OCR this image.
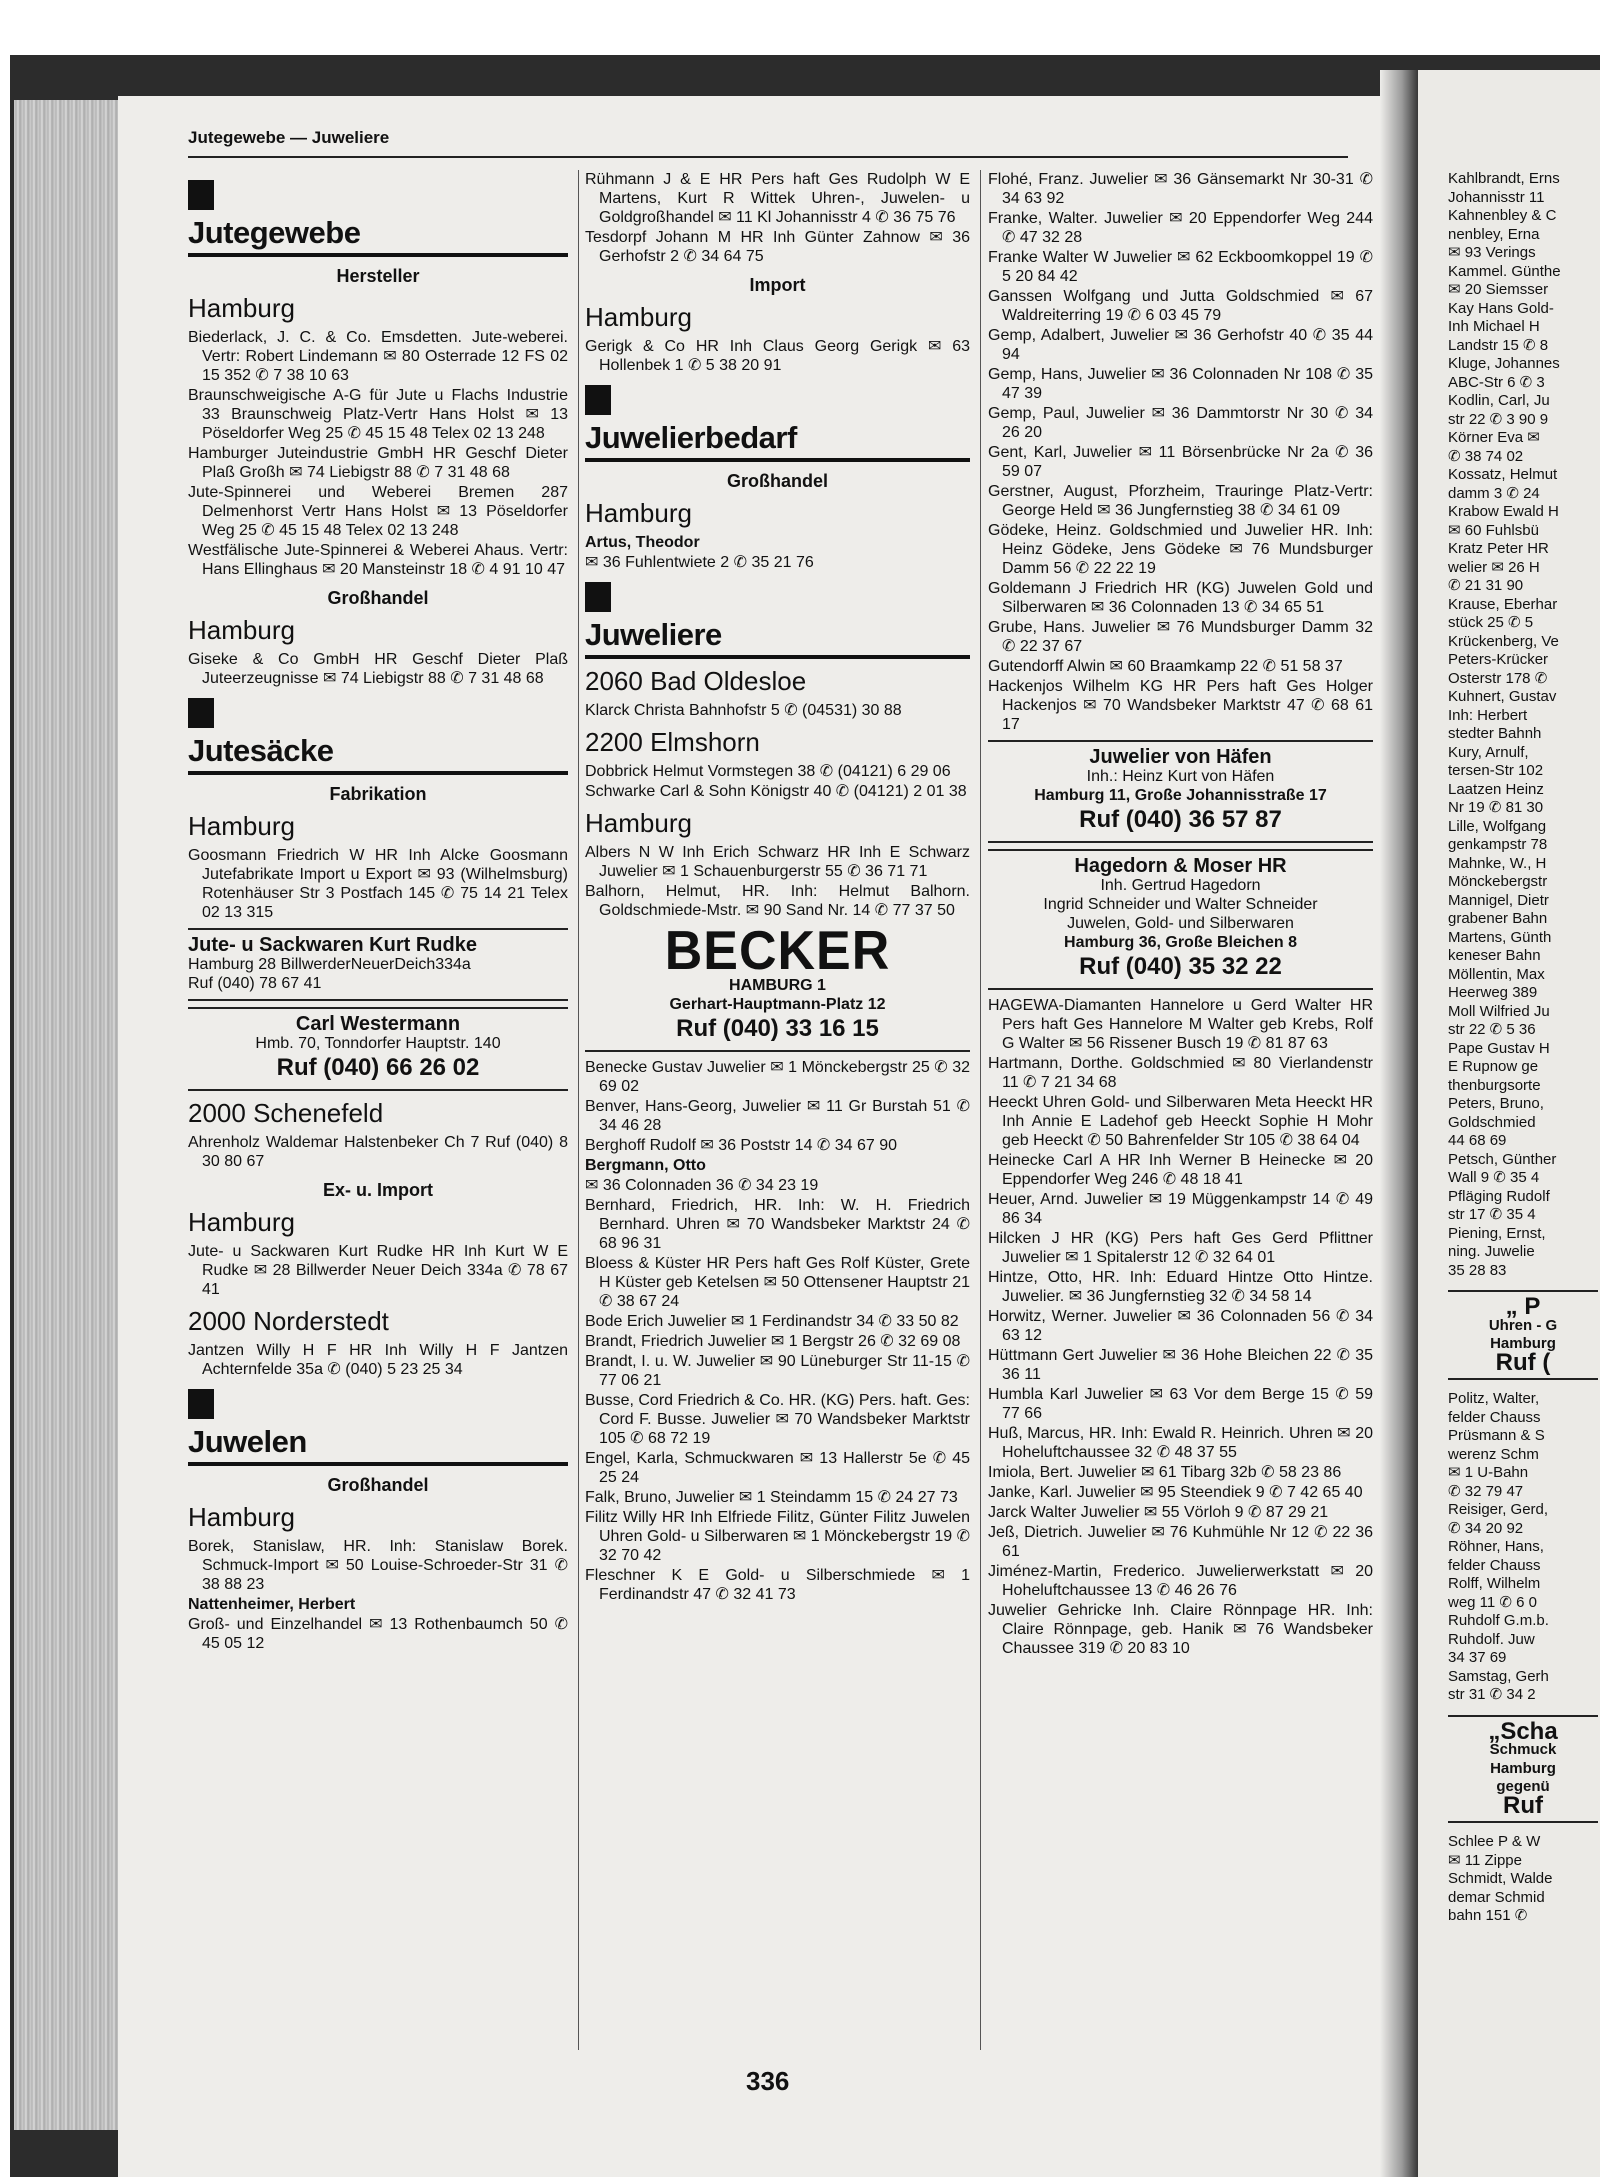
Jutegewebe — Juweliere
Jutegewebe
Hersteller
Hamburg
Biederlack, J. C. & Co. Emsdetten. Jute-weberei. Vertr: Robert Lindemann ✉ 80 Osterrade 12 FS 02 15 352 ✆ 7 38 10 63
Braunschweigische A-G für Jute u Flachs Industrie 33 Braunschweig Platz-Vertr Hans Holst ✉ 13 Pöseldorfer Weg 25 ✆ 45 15 48 Telex 02 13 248
Hamburger Juteindustrie GmbH HR Geschf Dieter Plaß Großh ✉ 74 Liebigstr 88 ✆ 7 31 48 68
Jute-Spinnerei und Weberei Bremen 287 Delmenhorst Vertr Hans Holst ✉ 13 Pöseldorfer Weg 25 ✆ 45 15 48 Telex 02 13 248
Westfälische Jute-Spinnerei & Weberei Ahaus. Vertr: Hans Ellinghaus ✉ 20 Mansteinstr 18 ✆ 4 91 10 47
Großhandel
Hamburg
Giseke & Co GmbH HR Geschf Dieter Plaß Juteerzeugnisse ✉ 74 Liebigstr 88 ✆ 7 31 48 68
Jutesäcke
Fabrikation
Hamburg
Goosmann Friedrich W HR Inh Alcke Goosmann Jutefabrikate Import u Export ✉ 93 (Wilhelmsburg) Rotenhäuser Str 3 Postfach 145 ✆ 75 14 21 Telex 02 13 315
Jute- u Sackwaren Kurt Rudke
Hamburg 28 BillwerderNeuerDeich334a
Ruf (040) 78 67 41
Carl Westermann
Hmb. 70, Tonndorfer Hauptstr. 140
Ruf (040) 66 26 02
2000 Schenefeld
Ahrenholz Waldemar Halstenbeker Ch 7 Ruf (040) 8 30 80 67
Ex- u. Import
Hamburg
Jute- u Sackwaren Kurt Rudke HR Inh Kurt W E Rudke ✉ 28 Billwerder Neuer Deich 334a ✆ 78 67 41
2000 Norderstedt
Jantzen Willy H F HR Inh Willy H F Jantzen Achternfelde 35a ✆ (040) 5 23 25 34
Juwelen
Großhandel
Hamburg
Borek, Stanislaw, HR. Inh: Stanislaw Borek. Schmuck-Import ✉ 50 Louise-Schroeder-Str 31 ✆ 38 88 23
Nattenheimer, Herbert
Groß- und Einzelhandel ✉ 13 Rothenbaumch 50 ✆ 45 05 12
Rühmann J & E HR Pers haft Ges Rudolph W E Martens, Kurt R Wittek Uhren-, Juwelen- u Goldgroßhandel ✉ 11 Kl Johannisstr 4 ✆ 36 75 76
Tesdorpf Johann M HR Inh Günter Zahnow ✉ 36 Gerhofstr 2 ✆ 34 64 75
Import
Hamburg
Gerigk & Co HR Inh Claus Georg Gerigk ✉ 63 Hollenbek 1 ✆ 5 38 20 91
Juwelierbedarf
Großhandel
Hamburg
Artus, Theodor
✉ 36 Fuhlentwiete 2 ✆ 35 21 76
Juweliere
2060 Bad Oldesloe
Klarck Christa Bahnhofstr 5 ✆ (04531) 30 88
2200 Elmshorn
Dobbrick Helmut Vormstegen 38 ✆ (04121) 6 29 06
Schwarke Carl & Sohn Königstr 40 ✆ (04121) 2 01 38
Hamburg
Albers N W Inh Erich Schwarz HR Inh E Schwarz Juwelier ✉ 1 Schauenburgerstr 55 ✆ 36 71 71
Balhorn, Helmut, HR. Inh: Helmut Balhorn. Goldschmiede-Mstr. ✉ 90 Sand Nr. 14 ✆ 77 37 50
BECKER
HAMBURG 1
Gerhart-Hauptmann-Platz 12
Ruf (040) 33 16 15
Benecke Gustav Juwelier ✉ 1 Mönckebergstr 25 ✆ 32 69 02
Benver, Hans-Georg, Juwelier ✉ 11 Gr Burstah 51 ✆ 34 46 28
Berghoff Rudolf ✉ 36 Poststr 14 ✆ 34 67 90
Bergmann, Otto
✉ 36 Colonnaden 36 ✆ 34 23 19
Bernhard, Friedrich, HR. Inh: W. H. Friedrich Bernhard. Uhren ✉ 70 Wandsbeker Marktstr 24 ✆ 68 96 31
Bloess & Küster HR Pers haft Ges Rolf Küster, Grete H Küster geb Ketelsen ✉ 50 Ottensener Hauptstr 21 ✆ 38 67 24
Bode Erich Juwelier ✉ 1 Ferdinandstr 34 ✆ 33 50 82
Brandt, Friedrich Juwelier ✉ 1 Bergstr 26 ✆ 32 69 08
Brandt, I. u. W. Juwelier ✉ 90 Lüneburger Str 11-15 ✆ 77 06 21
Busse, Cord Friedrich & Co. HR. (KG) Pers. haft. Ges: Cord F. Busse. Juwelier ✉ 70 Wandsbeker Marktstr 105 ✆ 68 72 19
Engel, Karla, Schmuckwaren ✉ 13 Hallerstr 5e ✆ 45 25 24
Falk, Bruno, Juwelier ✉ 1 Steindamm 15 ✆ 24 27 73
Filitz Willy HR Inh Elfriede Filitz, Günter Filitz Juwelen Uhren Gold- u Silberwaren ✉ 1 Mönckebergstr 19 ✆ 32 70 42
Fleschner K E Gold- u Silberschmiede ✉ 1 Ferdinandstr 47 ✆ 32 41 73
Flohé, Franz. Juwelier ✉ 36 Gänsemarkt Nr 30-31 ✆ 34 63 92
Franke, Walter. Juwelier ✉ 20 Eppendorfer Weg 244 ✆ 47 32 28
Franke Walter W Juwelier ✉ 62 Eckboomkoppel 19 ✆ 5 20 84 42
Ganssen Wolfgang und Jutta Goldschmied ✉ 67 Waldreiterring 19 ✆ 6 03 45 79
Gemp, Adalbert, Juwelier ✉ 36 Gerhofstr 40 ✆ 35 44 94
Gemp, Hans, Juwelier ✉ 36 Colonnaden Nr 108 ✆ 35 47 39
Gemp, Paul, Juwelier ✉ 36 Dammtorstr Nr 30 ✆ 34 26 20
Gent, Karl, Juwelier ✉ 11 Börsenbrücke Nr 2a ✆ 36 59 07
Gerstner, August, Pforzheim, Trauringe Platz-Vertr: George Held ✉ 36 Jungfernstieg 38 ✆ 34 61 09
Gödeke, Heinz. Goldschmied und Juwelier HR. Inh: Heinz Gödeke, Jens Gödeke ✉ 76 Mundsburger Damm 56 ✆ 22 22 19
Goldemann J Friedrich HR (KG) Juwelen Gold und Silberwaren ✉ 36 Colonnaden 13 ✆ 34 65 51
Grube, Hans. Juwelier ✉ 76 Mundsburger Damm 32 ✆ 22 37 67
Gutendorff Alwin ✉ 60 Braamkamp 22 ✆ 51 58 37
Hackenjos Wilhelm KG HR Pers haft Ges Holger Hackenjos ✉ 70 Wandsbeker Marktstr 47 ✆ 68 61 17
Juwelier von Häfen
Inh.: Heinz Kurt von Häfen
Hamburg 11, Große Johannisstraße 17
Ruf (040) 36 57 87
Hagedorn & Moser HR
Inh. Gertrud Hagedorn
Ingrid Schneider und Walter Schneider
Juwelen, Gold- und Silberwaren
Hamburg 36, Große Bleichen 8
Ruf (040) 35 32 22
HAGEWA-Diamanten Hannelore u Gerd Walter HR Pers haft Ges Hannelore M Walter geb Krebs, Rolf G Walter ✉ 56 Rissener Busch 19 ✆ 81 87 63
Hartmann, Dorthe. Goldschmied ✉ 80 Vierlandenstr 11 ✆ 7 21 34 68
Heeckt Uhren Gold- und Silberwaren Meta Heeckt HR Inh Annie E Ladehof geb Heeckt Sophie H Mohr geb Heeckt ✆ 50 Bahrenfelder Str 105 ✆ 38 64 04
Heinecke Carl A HR Inh Werner B Heinecke ✉ 20 Eppendorfer Weg 246 ✆ 48 18 41
Heuer, Arnd. Juwelier ✉ 19 Müggenkampstr 14 ✆ 49 86 34
Hilcken J HR (KG) Pers haft Ges Gerd Pflittner Juwelier ✉ 1 Spitalerstr 12 ✆ 32 64 01
Hintze, Otto, HR. Inh: Eduard Hintze Otto Hintze. Juwelier. ✉ 36 Jungfernstieg 32 ✆ 34 58 14
Horwitz, Werner. Juwelier ✉ 36 Colonnaden 56 ✆ 34 63 12
Hüttmann Gert Juwelier ✉ 36 Hohe Bleichen 22 ✆ 35 36 11
Humbla Karl Juwelier ✉ 63 Vor dem Berge 15 ✆ 59 77 66
Huß, Marcus, HR. Inh: Ewald R. Heinrich. Uhren ✉ 20 Hoheluftchaussee 32 ✆ 48 37 55
Imiola, Bert. Juwelier ✉ 61 Tibarg 32b ✆ 58 23 86
Janke, Karl. Juwelier ✉ 95 Steendiek 9 ✆ 7 42 65 40
Jarck Walter Juwelier ✉ 55 Vörloh 9 ✆ 87 29 21
Jeß, Dietrich. Juwelier ✉ 76 Kuhmühle Nr 12 ✆ 22 36 61
Jiménez-Martin, Frederico. Juwelierwerkstatt ✉ 20 Hoheluftchaussee 13 ✆ 46 26 76
Juwelier Gehricke Inh. Claire Rönnpage HR. Inh: Claire Rönnpage, geb. Hanik ✉ 76 Wandsbeker Chaussee 319 ✆ 20 83 10
Kahlbrandt, Erns
Johannisstr 11
Kahnenbley & C
nenbley, Erna
✉ 93 Verings
Kammel. Günthe
✉ 20 Siemsser
Kay Hans Gold-
Inh Michael H
Landstr 15 ✆ 8
Kluge, Johannes
ABC-Str 6 ✆ 3
Kodlin, Carl, Ju
str 22 ✆ 3 90 9
Körner Eva ✉
✆ 38 74 02
Kossatz, Helmut
damm 3 ✆ 24
Krabow Ewald H
✉ 60 Fuhlsbü
Kratz Peter HR
welier ✉ 26 H
✆ 21 31 90
Krause, Eberhar
stück 25 ✆ 5
Krückenberg, Ve
Peters-Krücker
Osterstr 178 ✆
Kuhnert, Gustav
Inh: Herbert
stedter Bahnh
Kury, Arnulf,
tersen-Str 102
Laatzen Heinz
Nr 19 ✆ 81 30
Lille, Wolfgang
genkampstr 78
Mahnke, W., H
Mönckebergstr
Mannigel, Dietr
grabener Bahn
Martens, Günth
keneser Bahn
Möllentin, Max
Heerweg 389
Moll Wilfried Ju
str 22 ✆ 5 36
Pape Gustav H
E Rupnow ge
thenburgsorte
Peters, Bruno,
Goldschmied
44 68 69
Petsch, Günther
Wall 9 ✆ 35 4
Pfläging Rudolf
str 17 ✆ 35 4
Piening, Ernst,
ning. Juwelie
35 28 83
„ P
Uhren - G
Hamburg
Ruf (
Politz, Walter,
felder Chauss
Prüsmann & S
werenz Schm
✉ 1 U-Bahn
✆ 32 79 47
Reisiger, Gerd,
✆ 34 20 92
Röhner, Hans,
felder Chauss
Rolff, Wilhelm
weg 11 ✆ 6 0
Ruhdolf G.m.b.
Ruhdolf. Juw
34 37 69
Samstag, Gerh
str 31 ✆ 34 2
„Scha
Schmuck
Hamburg
gegenü
Ruf
Schlee P & W
✉ 11 Zippe
Schmidt, Walde
demar Schmid
bahn 151 ✆
336
